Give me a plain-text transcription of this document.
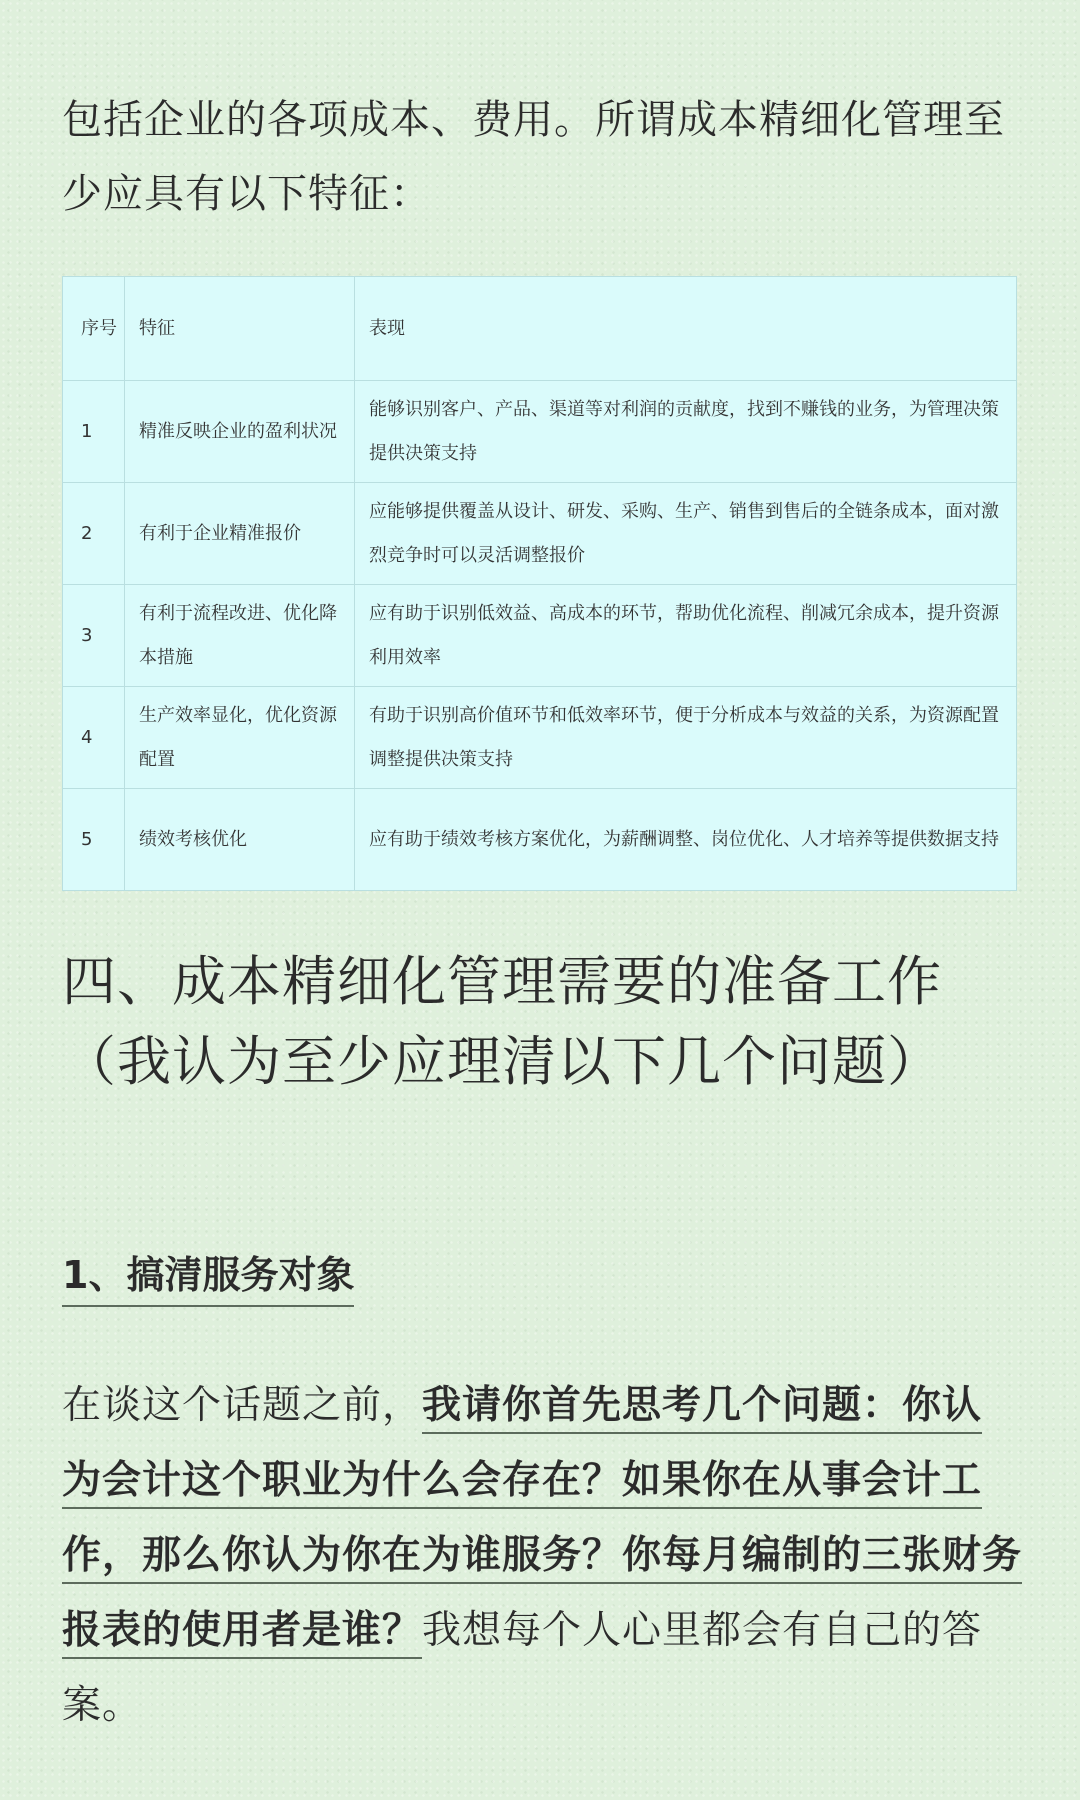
包括企业的各项成本、费用。所谓成本精细化管理至少应具有以下特征：

序号	特征	表现
1	精准反映企业的盈利状况	能够识别客户、产品、渠道等对利润的贡献度，找到不赚钱的业务，为管理决策提供决策支持
2	有利于企业精准报价	应能够提供覆盖从设计、研发、采购、生产、销售到售后的全链条成本，面对激烈竞争时可以灵活调整报价
3	有利于流程改进、优化降本措施	应有助于识别低效益、高成本的环节，帮助优化流程、削减冗余成本，提升资源利用效率
4	生产效率显化，优化资源配置	有助于识别高价值环节和低效率环节，便于分析成本与效益的关系，为资源配置调整提供决策支持
5	绩效考核优化	应有助于绩效考核方案优化，为薪酬调整、岗位优化、人才培养等提供数据支持
四、成本精细化管理需要的准备工作（我认为至少应理清以下几个问题）
1、搞清服务对象

在谈这个话题之前，我请你首先思考几个问题：你认为会计这个职业为什么会存在？如果你在从事会计工作，那么你认为你在为谁服务？你每月编制的三张财务报表的使用者是谁？我想每个人心里都会有自己的答案。
